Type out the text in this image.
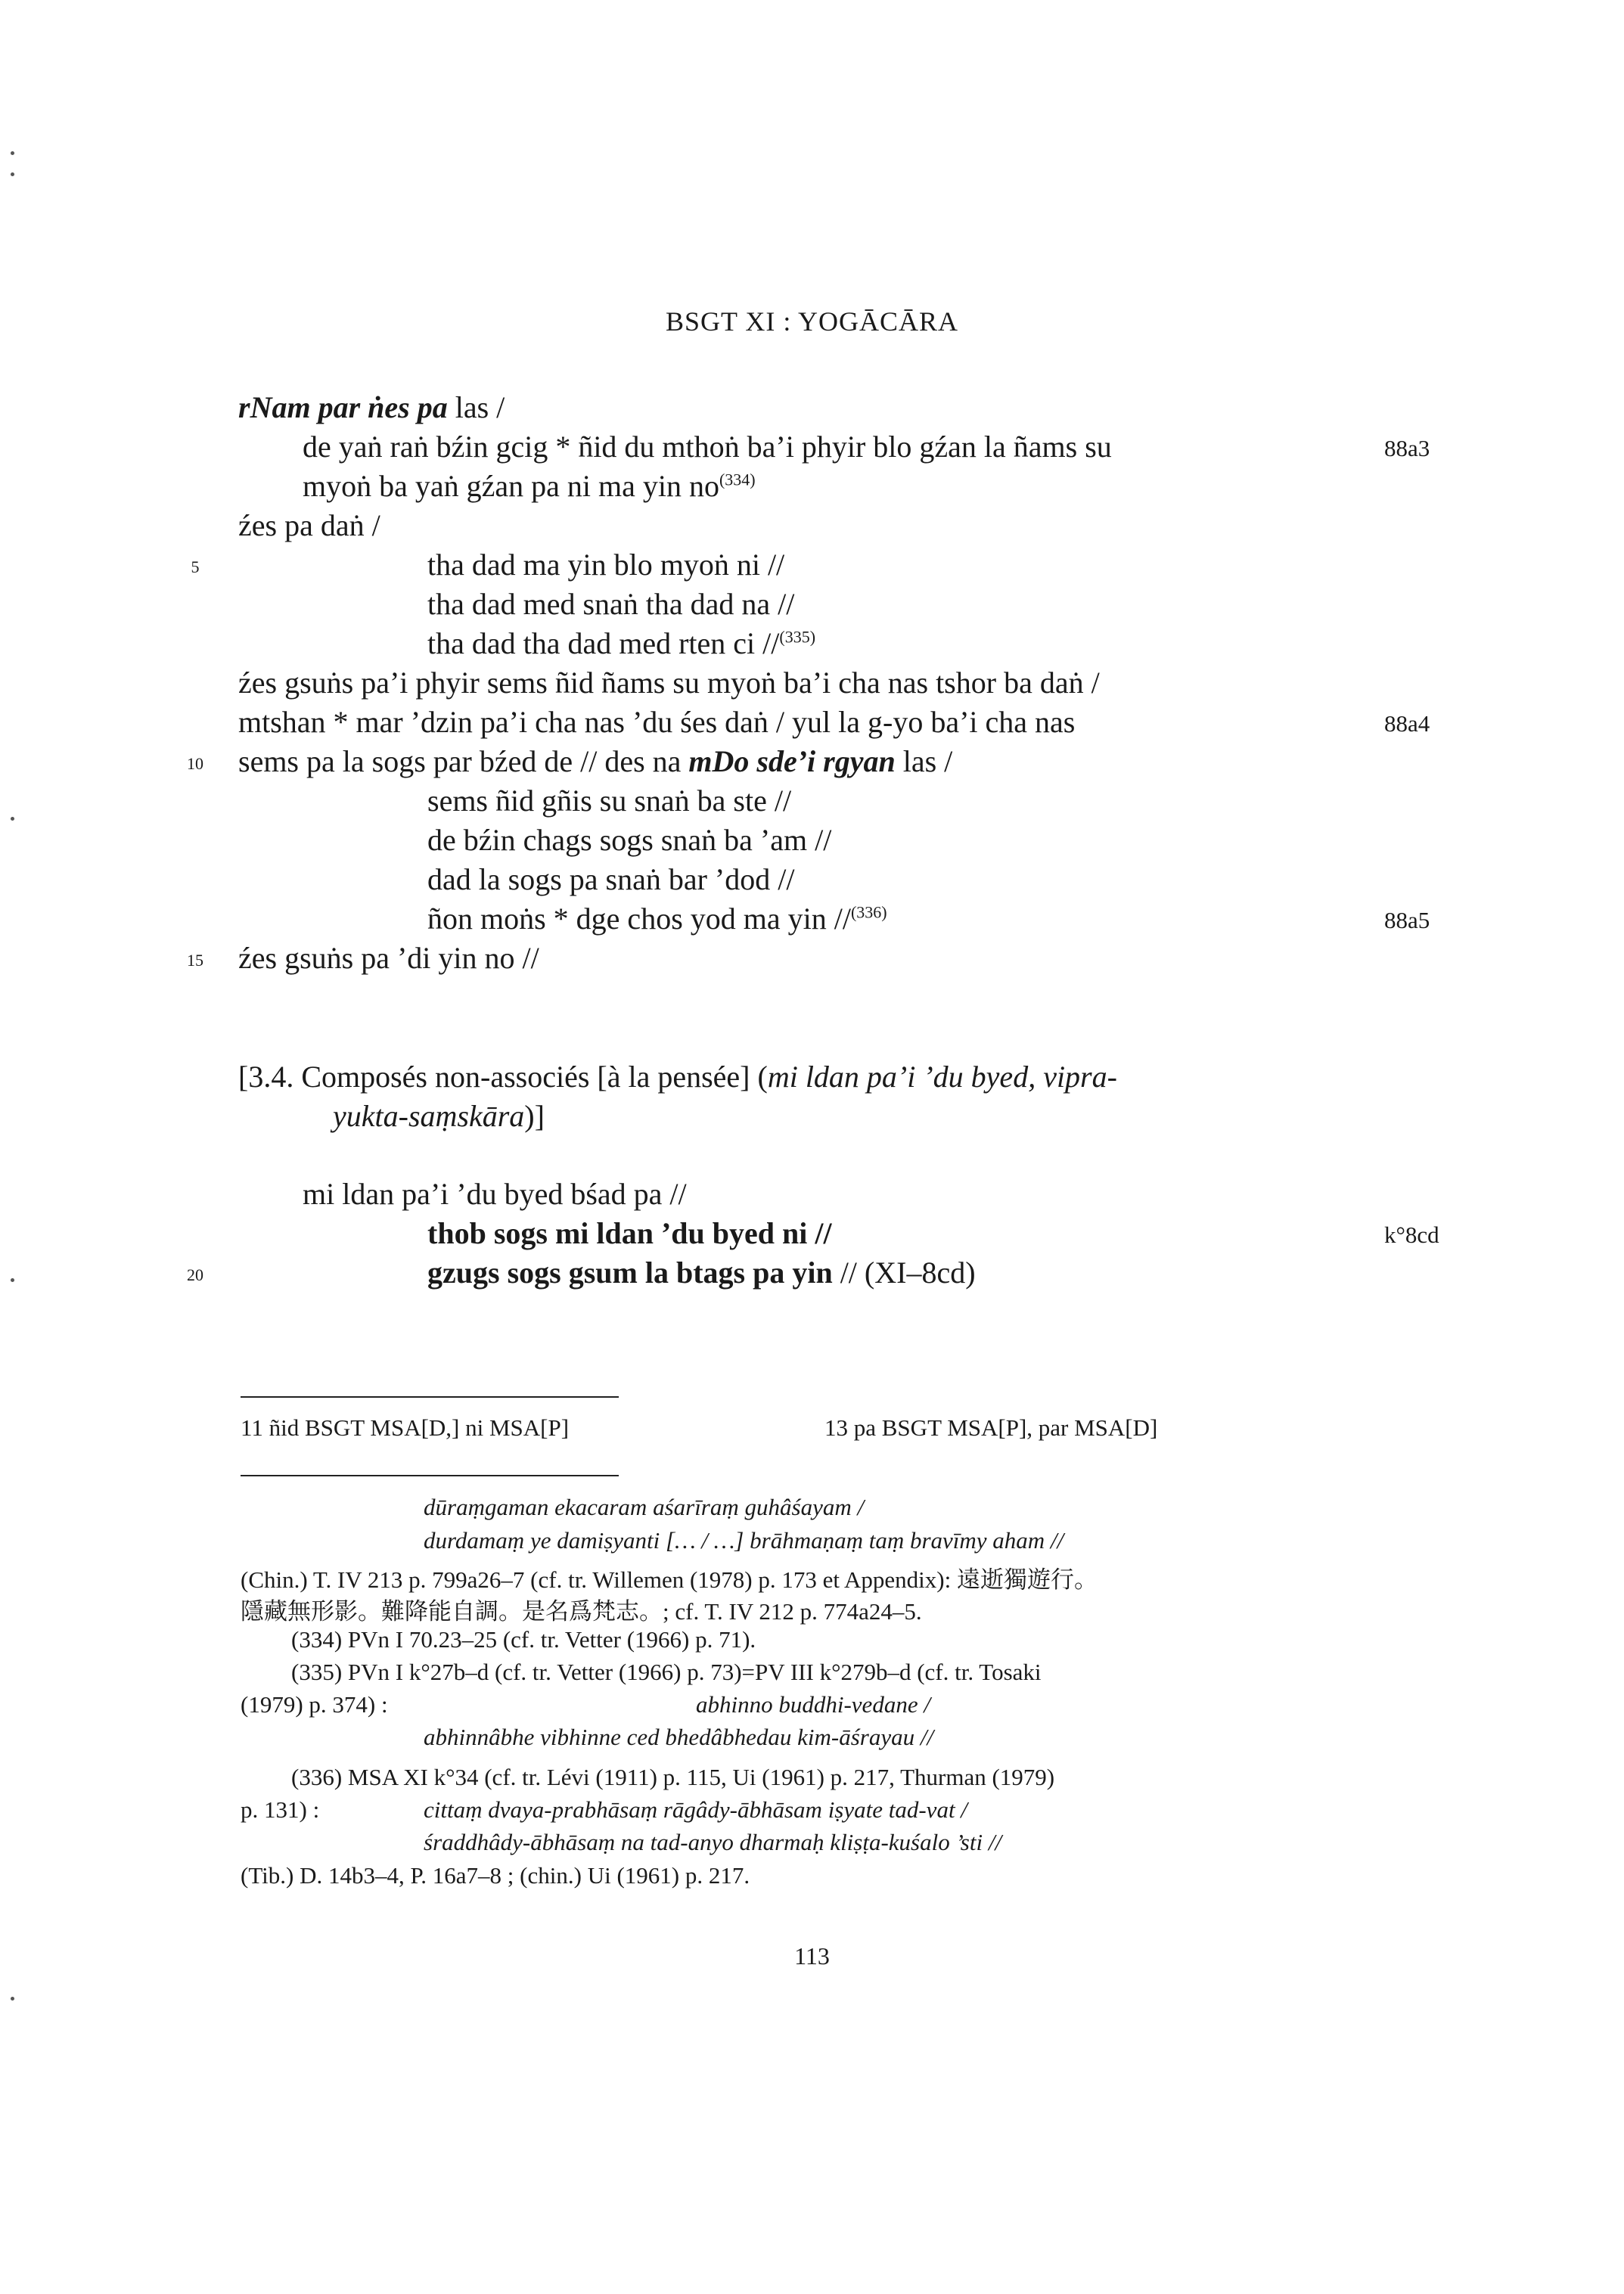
BSGT XI : YOGĀCĀRA
rNam par ṅes pa las /
de yaṅ raṅ bźin gcig * ñid du mthoṅ ba’i phyir blo gźan la ñams su	88a3
myoṅ ba yaṅ gźan pa ni ma yin $no^{(334)}$
źes pa daṅ /
5	tha dad ma yin blo myoṅ ni //
tha dad med snaṅ tha dad na //
tha dad tha dad med rten ci //$^{(335)}$
źes gsuṅs pa’i phyir sems ñid ñams su myoṅ ba’i cha nas tshor ba daṅ /
mtshan * mar ’dzin pa’i cha nas ’du śes daṅ / yul la g-yo ba’i cha nas	88a4
10 sems pa la sogs par bźed de // des na mDo sde’i rgyan las /
sems ñid gñis su snaṅ ba ste //
de bźin chags sogs snaṅ ba ’am //
dad la sogs pa snaṅ bar ’dod //
ñon moṅs * dge chos yod ma yin //$^{(336)}$	88a5
15 źes gsuṅs pa ’di yin no //
[3.4. Composés non-associés [à la pensée] (mi ldan pa’i ’du byed, vipra-
yukta-saṃskāra)]
mi ldan pa’i ’du byed bśad pa //
thob sogs mi ldan ’du byed ni //	k°8cd
20	gzugs sogs gsum la btags pa yin // (XI–8cd)
11 ñid BSGT MSA[D,] ni MSA[P]	13 pa BSGT MSA[P], par MSA[D]
dūraṃgaman ekacaram aśarīraṃ guhâśayam /
durdamaṃ ye damiṣyanti [… / …] brāhmaṇaṃ taṃ bravīmy aham //
(Chin.) T. IV 213 p. 799a26–7 (cf. tr. Willemen (1978) p. 173 et Appendix): 遠逝獨遊行。
隱藏無形影。難降能自調。是名爲梵志。; cf. T. IV 212 p. 774a24–5.
(334) PVn I 70.23–25 (cf. tr. Vetter (1966) p. 71).
(335) PVn I k°27b–d (cf. tr. Vetter (1966) p. 73)=PV III k°279b–d (cf. tr. Tosaki
(1979) p. 374) :	abhinno buddhi-vedane /
abhinnâbhe vibhinne ced bhedâbhedau kim-āśrayau //
(336) MSA XI k°34 (cf. tr. Lévi (1911) p. 115, Ui (1961) p. 217, Thurman (1979)
p. 131) :	cittaṃ dvaya-prabhāsaṃ rāgâdy-ābhāsam iṣyate tad-vat /
śraddhâdy-ābhāsaṃ na tad-anyo dharmaḥ kliṣṭa-kuśalo ’sti //
(Tib.) D. 14b3–4, P. 16a7–8 ; (chin.) Ui (1961) p. 217.
113
